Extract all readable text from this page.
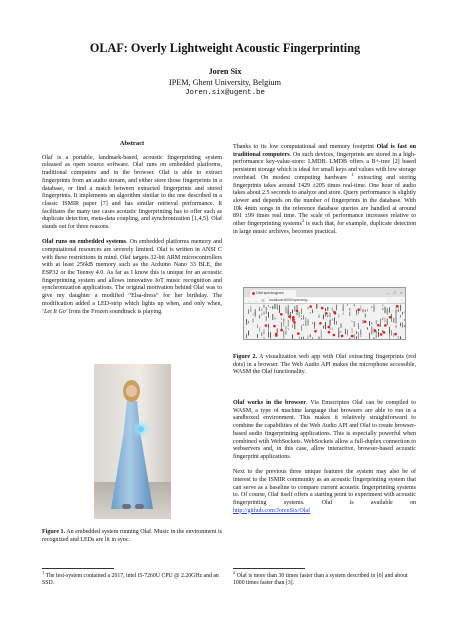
OLAF: Overly Lightweight Acoustic Fingerprinting
Joren Six
IPEM, Ghent University, Belgium
Joren.six@ugent.be
Abstract

Olaf is a portable, landmark-based, acoustic fingerprinting system released as open source software. Olaf runs on embedded platforms, traditional computers and in the browser. Olaf is able to extract fingerprints from an audio stream, and either store those fingerprints in a database, or find a match between extracted fingerprints and stored fingerprints. It implements an algorithm similar to the one described in a classic ISMIR paper [7] and has similar retrieval performance. It facilitates the many use cases acoustic fingerprinting has to offer such as duplicate detection, meta-data coupling, and synchronization [1,4,5]. Olaf stands out for three reasons.

Olaf runs on embedded systems. On embedded platforms memory and computational resources are severely limited. Olaf is written in ANSI C with these restrictions in mind. Olaf targets 32-bit ARM microcontrollers with at least 256kB memory such as the Arduino Nano 33 BLE, the ESP32 or the Teensy 4.0. As far as I know this is unique for an acoustic fingerprinting system and allows innovative IoT music recognition and synchronization applications. The original motivation behind Olaf was to give my daughter a modified “Elsa-dress” for her birthday. The modification added a LED-strip which lights up when, and only when, ‘Let It Go’ from the Frozen soundtrack is playing.

Figure 1. An embedded system running Olaf. Music in the environment is recognized and LEDs are lit in sync.
$^1$ The test-system contained a 2017, intel i5-7260U CPU @ 2.20GHz and an SSD.

Thanks to its low computational and memory footprint Olaf is fast on traditional computers. On such devices, fingerprints are stored in a high-performance key-value-store: LMDB. LMDB offers a B+-tree [2] based persistent storage which is ideal for small keys and values with low storage overhead. On modest computing hardware $^1$ extracting and storing fingerprints takes around 1429 ±205 times real-time. One hour of audio takes about 2.5 seconds to analyze and store. Query performance is slightly slower and depends on the number of fingerprints in the database. With 10k 4min songs in the reference database queries are handled at around 891 ±99 times real time. The scale of performance increases relative to other fingerprinting systems$^2$ is such that, for example, duplicate detection in large music archives, becomes practical.

Olaf spectrogram	– □ ×
← → ⟳ localhost:8000/spectrog...	⋮
Figure 2. A visualization web app with Olaf extracting fingerprints (red dots) in a browser. The Web Audio API makes the microphone accessible, WASM the Olaf functionality.

Olaf works in the browser. Via Emscripten Olaf can be compiled to WASM, a type of machine language that browsers are able to run in a sandboxed environment. This makes it relatively straightforward to combine the capabilities of the Web Audio API and Olaf to create browser-based audio fingerprinting applications. This is especially powerful when combined with WebSockets. WebSockets allow a full-duplex connection to webservers and, in this case, allow interactive, browser-based acoustic fingerprint applications.

Next to the previous three unique features the system may also be of interest to the ISMIR community as an acoustic fingerprinting system that can serve as a baseline to compare current acoustic fingerprinting systems to. Of course, Olaf itself offers a starting point to experiment with acoustic fingerprinting systems. Olaf is available on http://github.com/JorenSix/Olaf

$^2$ Olaf is more than 30 times faster than a system described in [6] and about 1000 times faster than [3].
